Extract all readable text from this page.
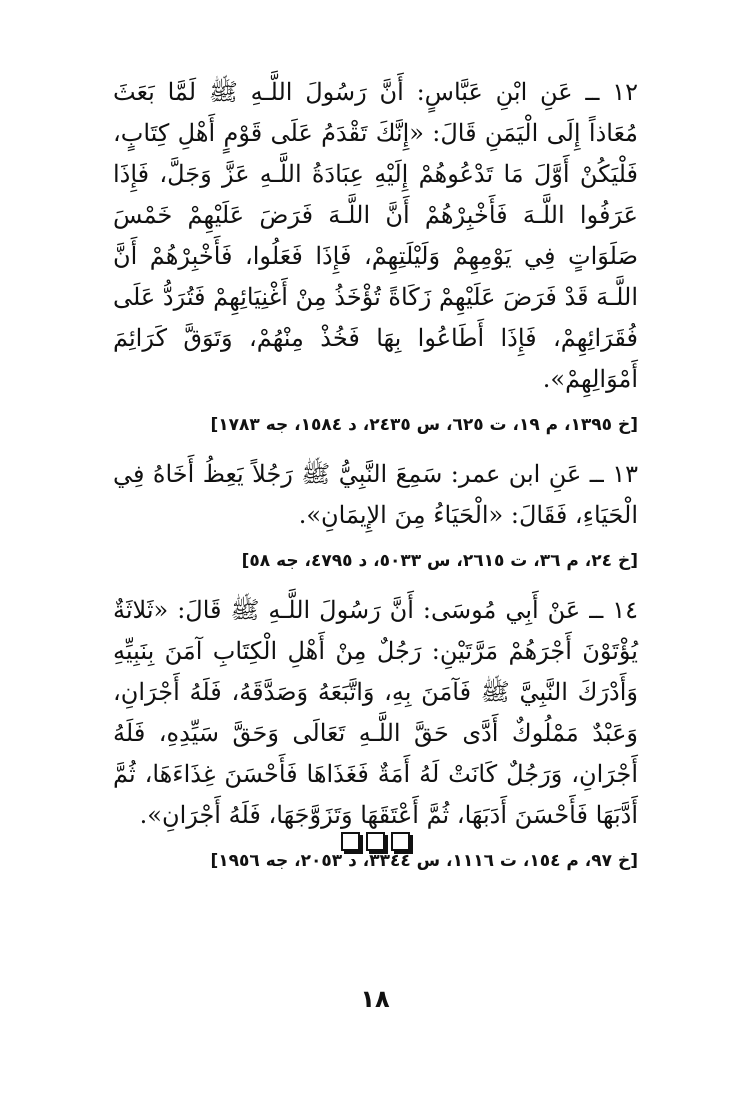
١٢ ــ عَنِ ابْنِ عَبَّاسٍ: أَنَّ رَسُولَ اللَّـهِ ﷺ لَمَّا بَعَثَ مُعَاذاً إِلَى الْيَمَنِ قَالَ: «إِنَّكَ تَقْدَمُ عَلَى قَوْمٍ أَهْلِ كِتَابٍ، فَلْيَكُنْ أَوَّلَ مَا تَدْعُوهُمْ إِلَيْهِ عِبَادَةُ اللَّـهِ عَزَّ وَجَلَّ، فَإِذَا عَرَفُوا اللَّـهَ فَأَخْبِرْهُمْ أَنَّ اللَّـهَ فَرَضَ عَلَيْهِمْ خَمْسَ صَلَوَاتٍ فِي يَوْمِهِمْ وَلَيْلَتِهِمْ، فَإِذَا فَعَلُوا، فَأَخْبِرْهُمْ أَنَّ اللَّـهَ قَدْ فَرَضَ عَلَيْهِمْ زَكَاةً تُؤْخَذُ مِنْ أَغْنِيَائِهِمْ فَتُرَدُّ عَلَى فُقَرَائِهِمْ، فَإِذَا أَطَاعُوا بِهَا فَخُذْ مِنْهُمْ، وَتَوَقَّ كَرَائِمَ أَمْوَالِهِمْ».

[خ ١٣٩٥، م ١٩، ت ٦٢٥، س ٢٤٣٥، د ١٥٨٤، جه ١٧٨٣]

١٣ ــ عَنِ ابن عمر: سَمِعَ النَّبِيُّ ﷺ رَجُلاً يَعِظُ أَخَاهُ فِي الْحَيَاءِ، فَقَالَ: «الْحَيَاءُ مِنَ الإِيمَانِ».

[خ ٢٤، م ٣٦، ت ٢٦١٥، س ٥٠٣٣، د ٤٧٩٥، جه ٥٨]

١٤ ــ عَنْ أَبِي مُوسَى: أَنَّ رَسُولَ اللَّـهِ ﷺ قَالَ: «ثَلاثَةٌ يُؤْتَوْنَ أَجْرَهُمْ مَرَّتَيْنِ: رَجُلٌ مِنْ أَهْلِ الْكِتَابِ آمَنَ بِنَبِيِّهِ وَأَدْرَكَ النَّبِيَّ ﷺ فَآمَنَ بِهِ، وَاتَّبَعَهُ وَصَدَّقَهُ، فَلَهُ أَجْرَانِ، وَعَبْدٌ مَمْلُوكٌ أَدَّى حَقَّ اللَّـهِ تَعَالَى وَحَقَّ سَيِّدِهِ، فَلَهُ أَجْرَانِ، وَرَجُلٌ كَانَتْ لَهُ أَمَةٌ فَغَذَاهَا فَأَحْسَنَ غِذَاءَهَا، ثُمَّ أَدَّبَهَا فَأَحْسَنَ أَدَبَهَا، ثُمَّ أَعْتَقَهَا وَتَزَوَّجَهَا، فَلَهُ أَجْرَانِ».

[خ ٩٧، م ١٥٤، ت ١١١٦، س ٣٣٤٤، د ٢٠٥٣، جه ١٩٥٦]
١٨
